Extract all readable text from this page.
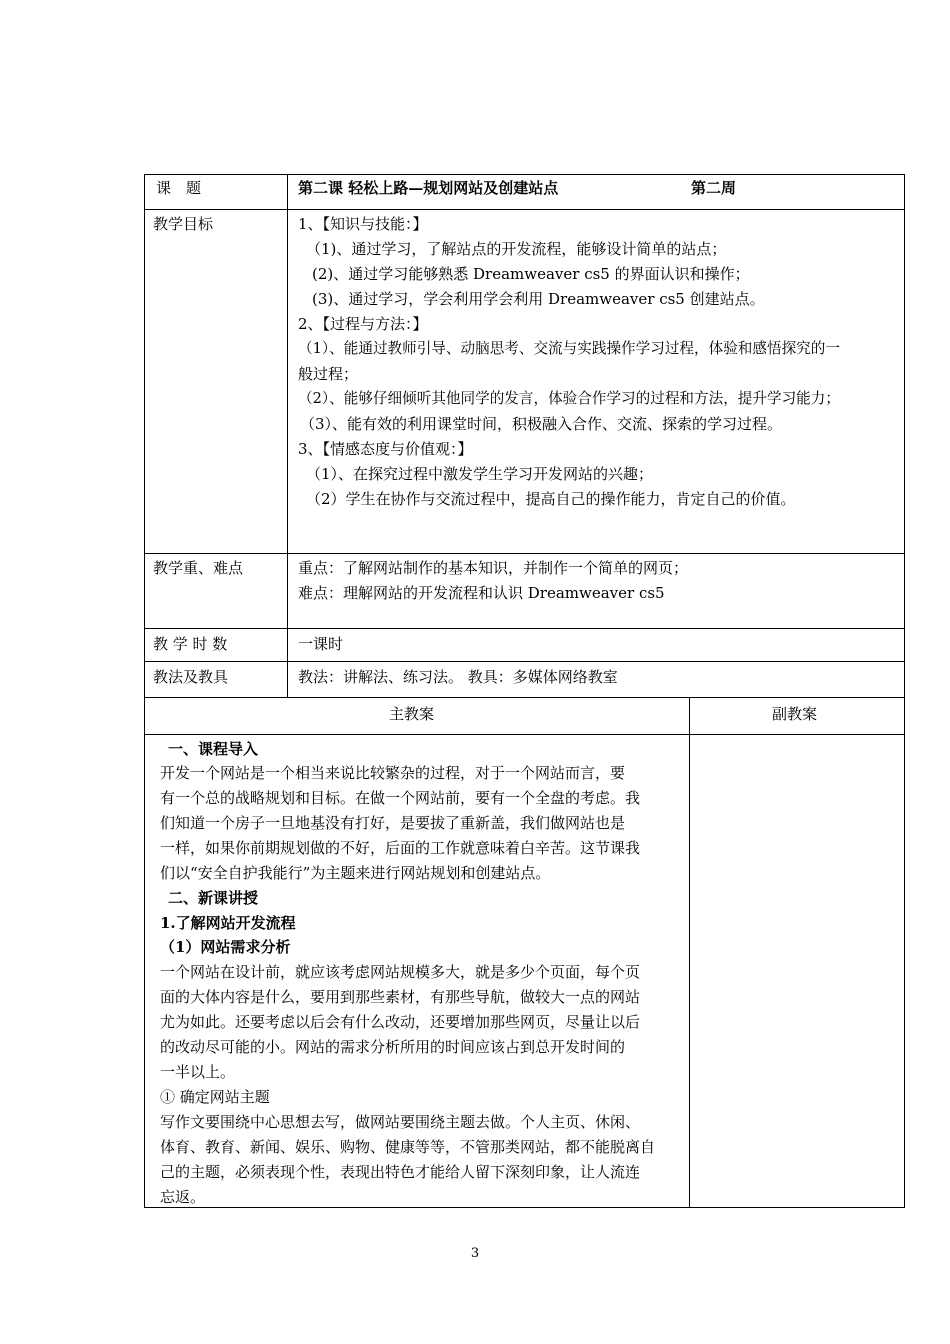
课　题	第二课 轻松上路—规划网站及创建站点	第二周
教学目标	1、【知识与技能：】
（1)、通过学习，了解站点的开发流程，能够设计简单的站点；
(2)、通过学习能够熟悉 Dreamweaver cs5 的界面认识和操作；
(3)、通过学习，学会利用学会利用 Dreamweaver cs5 创建站点。
2、【过程与方法：】
（1）、能通过教师引导、动脑思考、交流与实践操作学习过程，体验和感悟探究的一
般过程；
（2）、能够仔细倾听其他同学的发言，体验合作学习的过程和方法，提升学习能力；
（3）、能有效的利用课堂时间，积极融入合作、交流、探索的学习过程。
3、【情感态度与价值观：】
（1）、在探究过程中激发学生学习开发网站的兴趣；
（2）学生在协作与交流过程中，提高自己的操作能力，肯定自己的价值。
教学重、难点	重点：了解网站制作的基本知识，并制作一个简单的网页；
难点：理解网站的开发流程和认识 Dreamweaver cs5
教 学 时 数	一课时
教法及教具	教法：讲解法、练习法。 教具：多媒体网络教室
主教案	副教案
一、课程导入
开发一个网站是一个相当来说比较繁杂的过程，对于一个网站而言，要
有一个总的战略规划和目标。在做一个网站前，要有一个全盘的考虑。我
们知道一个房子一旦地基没有打好，是要拔了重新盖，我们做网站也是
一样，如果你前期规划做的不好，后面的工作就意味着白辛苦。这节课我
们以“安全自护我能行”为主题来进行网站规划和创建站点。
二、新课讲授
1.了解网站开发流程
（1）网站需求分析
一个网站在设计前，就应该考虑网站规模多大，就是多少个页面，每个页
面的大体内容是什么，要用到那些素材，有那些导航，做较大一点的网站
尤为如此。还要考虑以后会有什么改动，还要增加那些网页，尽量让以后
的改动尽可能的小。网站的需求分析所用的时间应该占到总开发时间的
一半以上。
① 确定网站主题
写作文要围绕中心思想去写，做网站要围绕主题去做。个人主页、休闲、
体育、教育、新闻、娱乐、购物、健康等等，不管那类网站，都不能脱离自
己的主题，必须表现个性，表现出特色才能给人留下深刻印象，让人流连
忘返。
3
